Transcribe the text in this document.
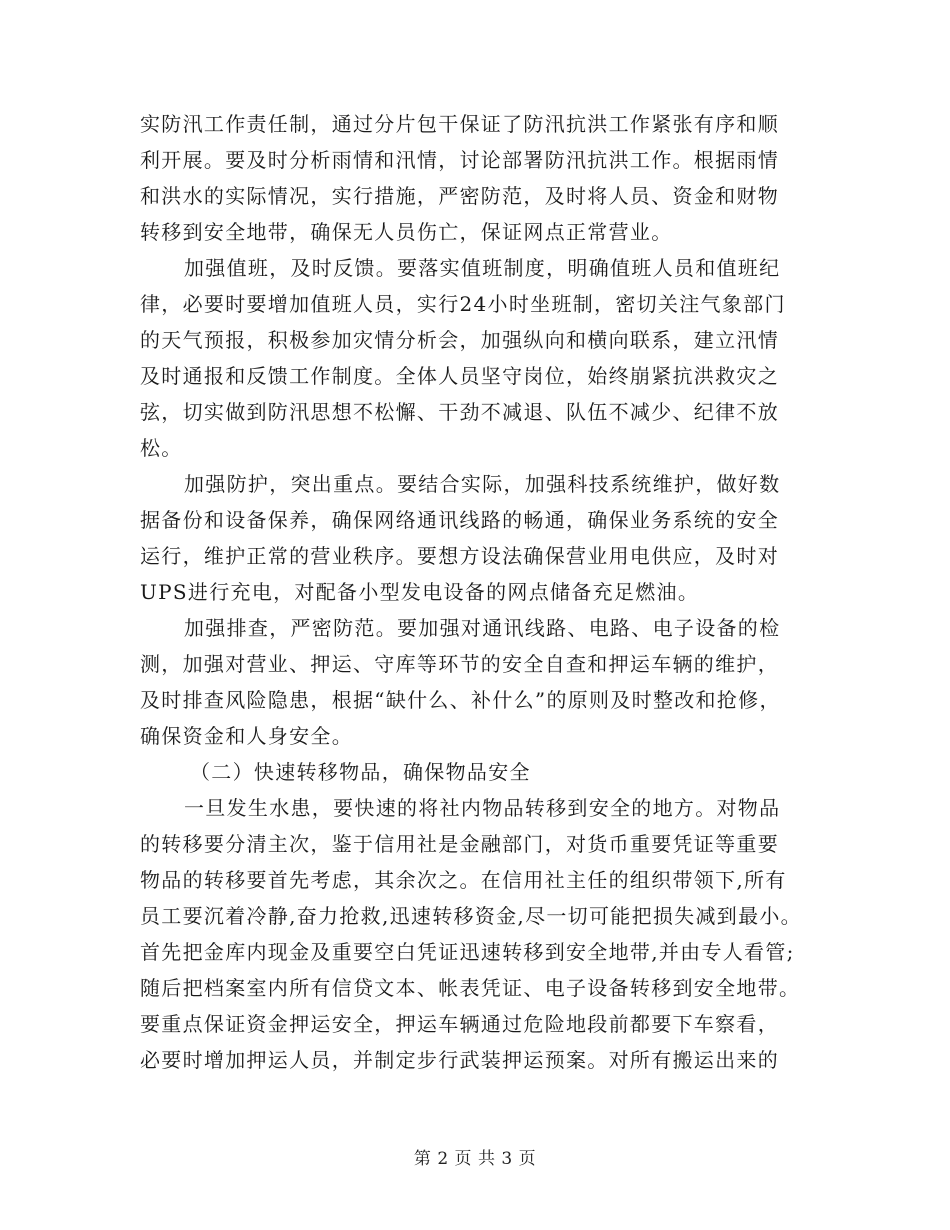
实防汛工作责任制，通过分片包干保证了防汛抗洪工作紧张有序和顺
利开展。要及时分析雨情和汛情，讨论部署防汛抗洪工作。根据雨情
和洪水的实际情况，实行措施，严密防范，及时将人员、资金和财物
转移到安全地带，确保无人员伤亡，保证网点正常营业。
加强值班，及时反馈。要落实值班制度，明确值班人员和值班纪
律，必要时要增加值班人员，实行24小时坐班制，密切关注气象部门
的天气预报，积极参加灾情分析会，加强纵向和横向联系，建立汛情
及时通报和反馈工作制度。全体人员坚守岗位，始终崩紧抗洪救灾之
弦，切实做到防汛思想不松懈、干劲不减退、队伍不减少、纪律不放
松。
加强防护，突出重点。要结合实际，加强科技系统维护，做好数
据备份和设备保养，确保网络通讯线路的畅通，确保业务系统的安全
运行，维护正常的营业秩序。要想方设法确保营业用电供应，及时对
UPS进行充电，对配备小型发电设备的网点储备充足燃油。
加强排查，严密防范。要加强对通讯线路、电路、电子设备的检
测，加强对营业、押运、守库等环节的安全自查和押运车辆的维护，
及时排查风险隐患，根据“缺什么、补什么”的原则及时整改和抢修，
确保资金和人身安全。
（二）快速转移物品，确保物品安全
一旦发生水患，要快速的将社内物品转移到安全的地方。对物品
的转移要分清主次，鉴于信用社是金融部门，对货币重要凭证等重要
物品的转移要首先考虑，其余次之。在信用社主任的组织带领下,所有
员工要沉着冷静,奋力抢救,迅速转移资金,尽一切可能把损失减到最小。
首先把金库内现金及重要空白凭证迅速转移到安全地带,并由专人看管;
随后把档案室内所有信贷文本、帐表凭证、电子设备转移到安全地带。
要重点保证资金押运安全，押运车辆通过危险地段前都要下车察看，
必要时增加押运人员，并制定步行武装押运预案。对所有搬运出来的
第 2 页 共 3 页
